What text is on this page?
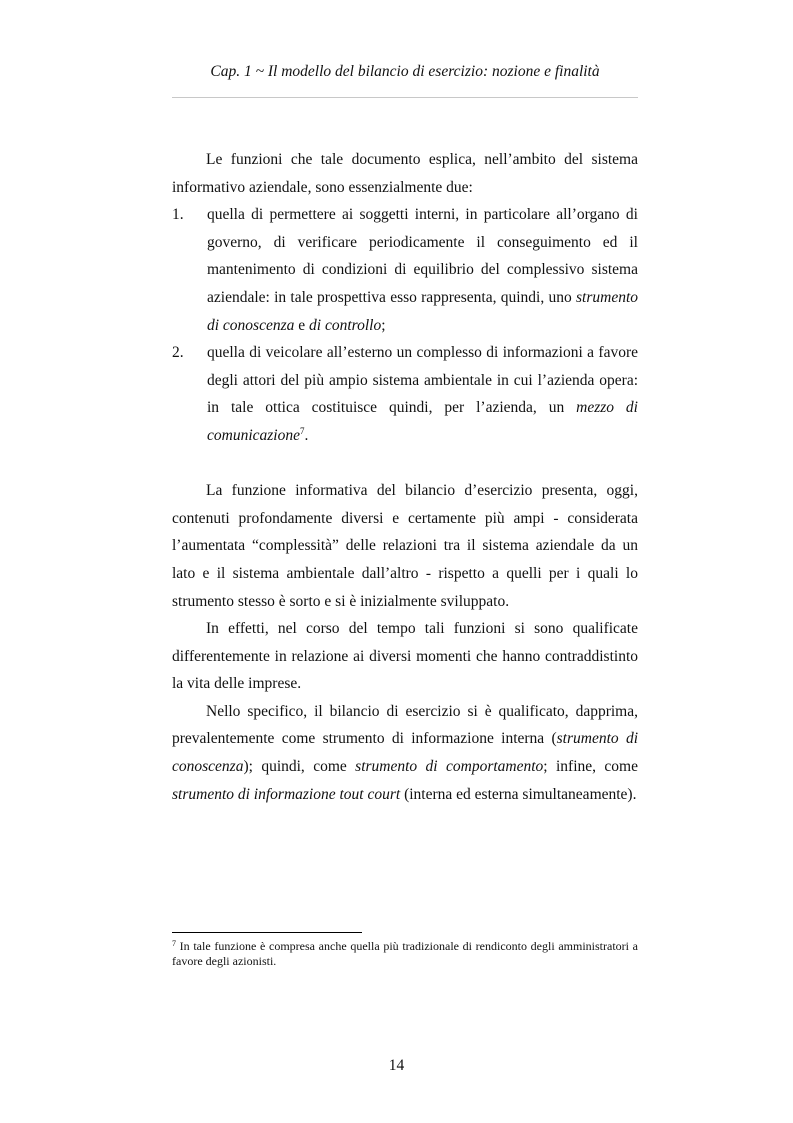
Cap. 1 ~ Il modello del bilancio di esercizio: nozione e finalità

Le funzioni che tale documento esplica, nell’ambito del sistema informativo aziendale, sono essenzialmente due:

1. quella di permettere ai soggetti interni, in particolare all’organo di governo, di verificare periodicamente il conseguimento ed il mantenimento di condizioni di equilibrio del complessivo sistema aziendale: in tale prospettiva esso rappresenta, quindi, uno strumento di conoscenza e di controllo;

2. quella di veicolare all’esterno un complesso di informazioni a favore degli attori del più ampio sistema ambientale in cui l’azienda opera: in tale ottica costituisce quindi, per l’azienda, un mezzo di comunicazione$^7$.

La funzione informativa del bilancio d’esercizio presenta, oggi, contenuti profondamente diversi e certamente più ampi - considerata l’aumentata “complessità” delle relazioni tra il sistema aziendale da un lato e il sistema ambientale dall’altro - rispetto a quelli per i quali lo strumento stesso è sorto e si è inizialmente sviluppato.

In effetti, nel corso del tempo tali funzioni si sono qualificate differentemente in relazione ai diversi momenti che hanno contraddistinto la vita delle imprese.

Nello specifico, il bilancio di esercizio si è qualificato, dapprima, prevalentemente come strumento di informazione interna (strumento di conoscenza); quindi, come strumento di comportamento; infine, come strumento di informazione tout court (interna ed esterna simultaneamente).

$^7$ In tale funzione è compresa anche quella più tradizionale di rendiconto degli amministratori a favore degli azionisti.
14
